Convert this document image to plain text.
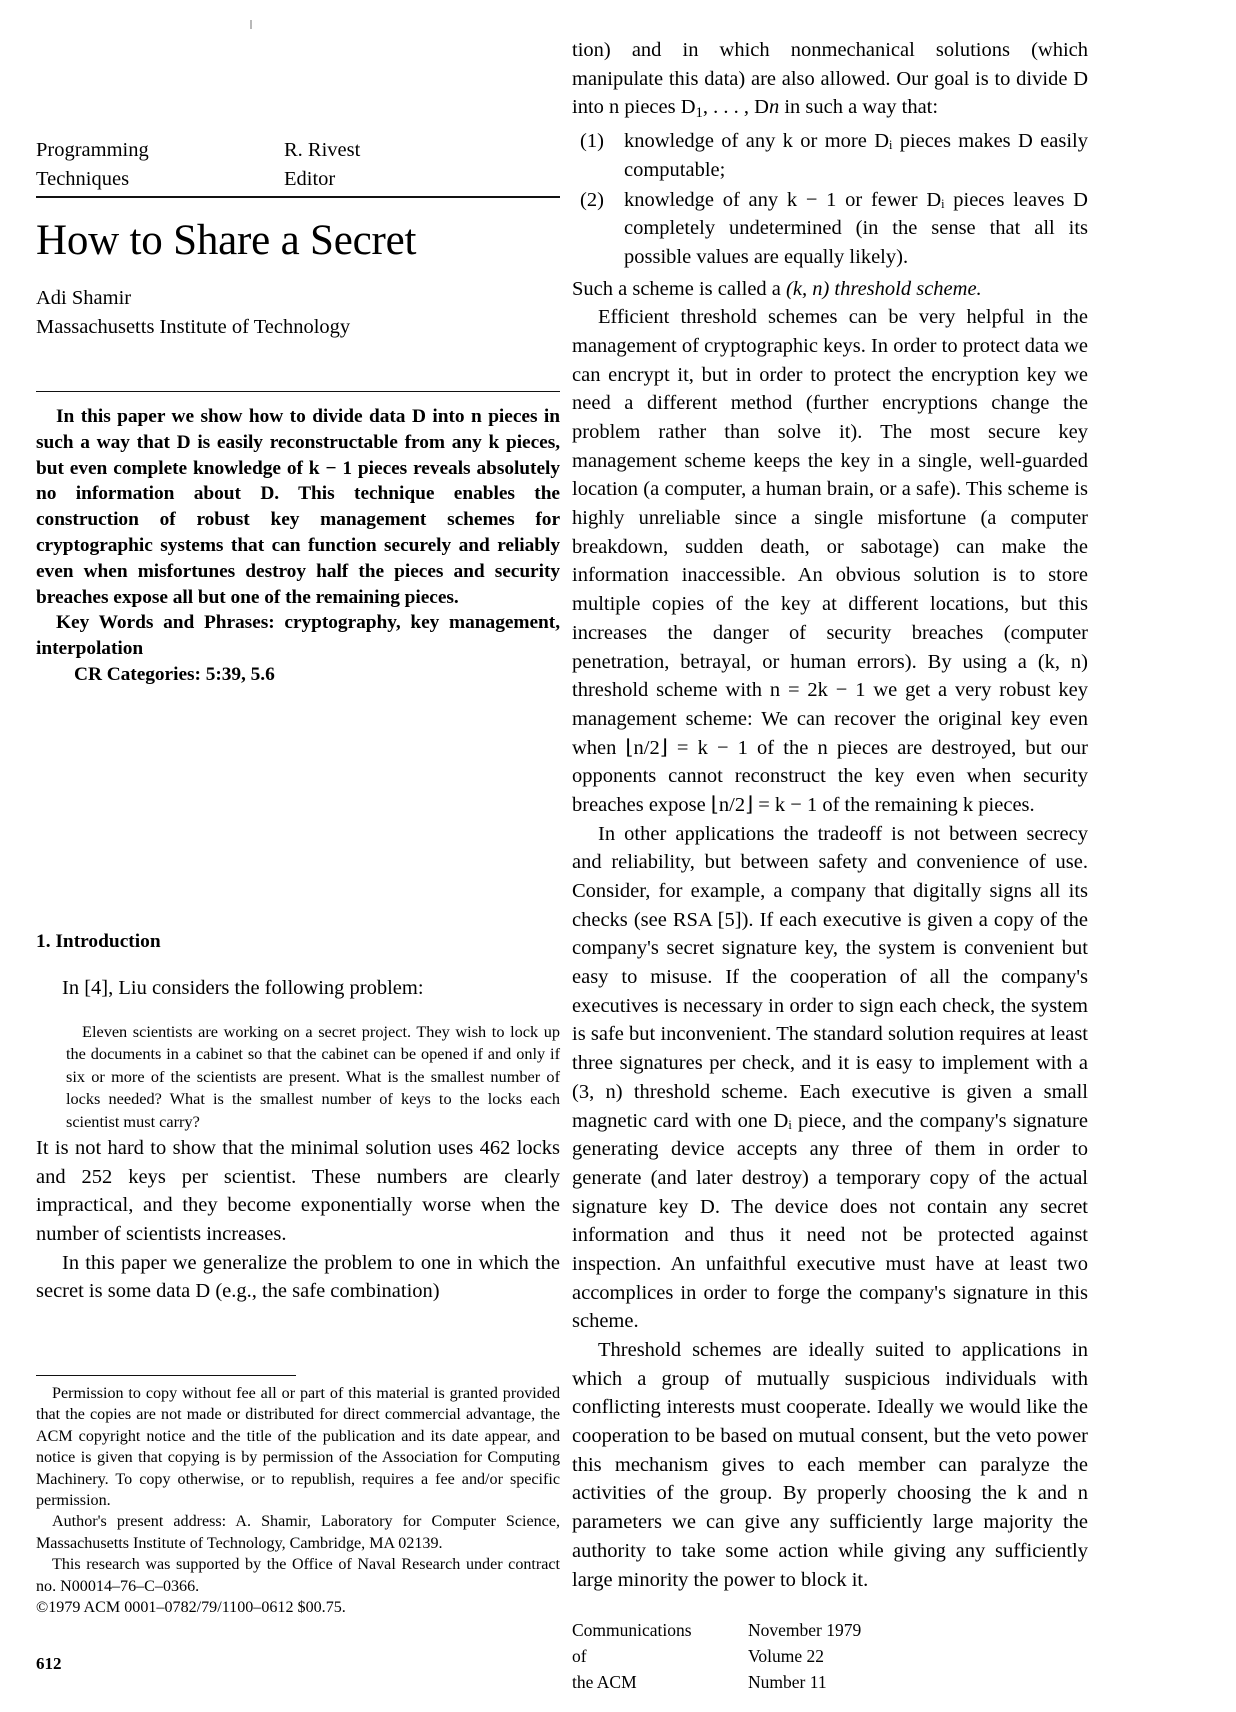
Programming	R. Rivest
Techniques	Editor
How to Share a Secret
Adi Shamir
Massachusetts Institute of Technology

In this paper we show how to divide data D into n pieces in such a way that D is easily reconstructable from any k pieces, but even complete knowledge of k − 1 pieces reveals absolutely no information about D. This technique enables the construction of robust key management schemes for cryptographic systems that can function securely and reliably even when misfortunes destroy half the pieces and security breaches expose all but one of the remaining pieces.

Key Words and Phrases: cryptography, key management, interpolation

CR Categories: 5:39, 5.6

1. Introduction

In [4], Liu considers the following problem:

Eleven scientists are working on a secret project. They wish to lock up the documents in a cabinet so that the cabinet can be opened if and only if six or more of the scientists are present. What is the smallest number of locks needed? What is the smallest number of keys to the locks each scientist must carry?

It is not hard to show that the minimal solution uses 462 locks and 252 keys per scientist. These numbers are clearly impractical, and they become exponentially worse when the number of scientists increases.

In this paper we generalize the problem to one in which the secret is some data D (e.g., the safe combination)

Permission to copy without fee all or part of this material is granted provided that the copies are not made or distributed for direct commercial advantage, the ACM copyright notice and the title of the publication and its date appear, and notice is given that copying is by permission of the Association for Computing Machinery. To copy otherwise, or to republish, requires a fee and/or specific permission.

Author's present address: A. Shamir, Laboratory for Computer Science, Massachusetts Institute of Technology, Cambridge, MA 02139.

This research was supported by the Office of Naval Research under contract no. N00014–76–C–0366.

©1979 ACM 0001–0782/79/1100–0612 $00.75.

612

tion) and in which nonmechanical solutions (which manipulate this data) are also allowed. Our goal is to divide D into n pieces $D_1$, . . . , Dn in such a way that:

(1) knowledge of any k or more Dᵢ pieces makes D easily computable;
(2) knowledge of any k − 1 or fewer Dᵢ pieces leaves D completely undetermined (in the sense that all its possible values are equally likely).

Such a scheme is called a (k, n) threshold scheme.

Efficient threshold schemes can be very helpful in the management of cryptographic keys. In order to protect data we can encrypt it, but in order to protect the encryption key we need a different method (further encryptions change the problem rather than solve it). The most secure key management scheme keeps the key in a single, well-guarded location (a computer, a human brain, or a safe). This scheme is highly unreliable since a single misfortune (a computer breakdown, sudden death, or sabotage) can make the information inaccessible. An obvious solution is to store multiple copies of the key at different locations, but this increases the danger of security breaches (computer penetration, betrayal, or human errors). By using a (k, n) threshold scheme with n = 2k − 1 we get a very robust key management scheme: We can recover the original key even when ⌊n/2⌋ = k − 1 of the n pieces are destroyed, but our opponents cannot reconstruct the key even when security breaches expose ⌊n/2⌋ = k − 1 of the remaining k pieces.

In other applications the tradeoff is not between secrecy and reliability, but between safety and convenience of use. Consider, for example, a company that digitally signs all its checks (see RSA [5]). If each executive is given a copy of the company's secret signature key, the system is convenient but easy to misuse. If the cooperation of all the company's executives is necessary in order to sign each check, the system is safe but inconvenient. The standard solution requires at least three signatures per check, and it is easy to implement with a (3, n) threshold scheme. Each executive is given a small magnetic card with one Dᵢ piece, and the company's signature generating device accepts any three of them in order to generate (and later destroy) a temporary copy of the actual signature key D. The device does not contain any secret information and thus it need not be protected against inspection. An unfaithful executive must have at least two accomplices in order to forge the company's signature in this scheme.

Threshold schemes are ideally suited to applications in which a group of mutually suspicious individuals with conflicting interests must cooperate. Ideally we would like the cooperation to be based on mutual consent, but the veto power this mechanism gives to each member can paralyze the activities of the group. By properly choosing the k and n parameters we can give any sufficiently large majority the authority to take some action while giving any sufficiently large minority the power to block it.

Communications
of
the ACM
November 1979
Volume 22
Number 11
